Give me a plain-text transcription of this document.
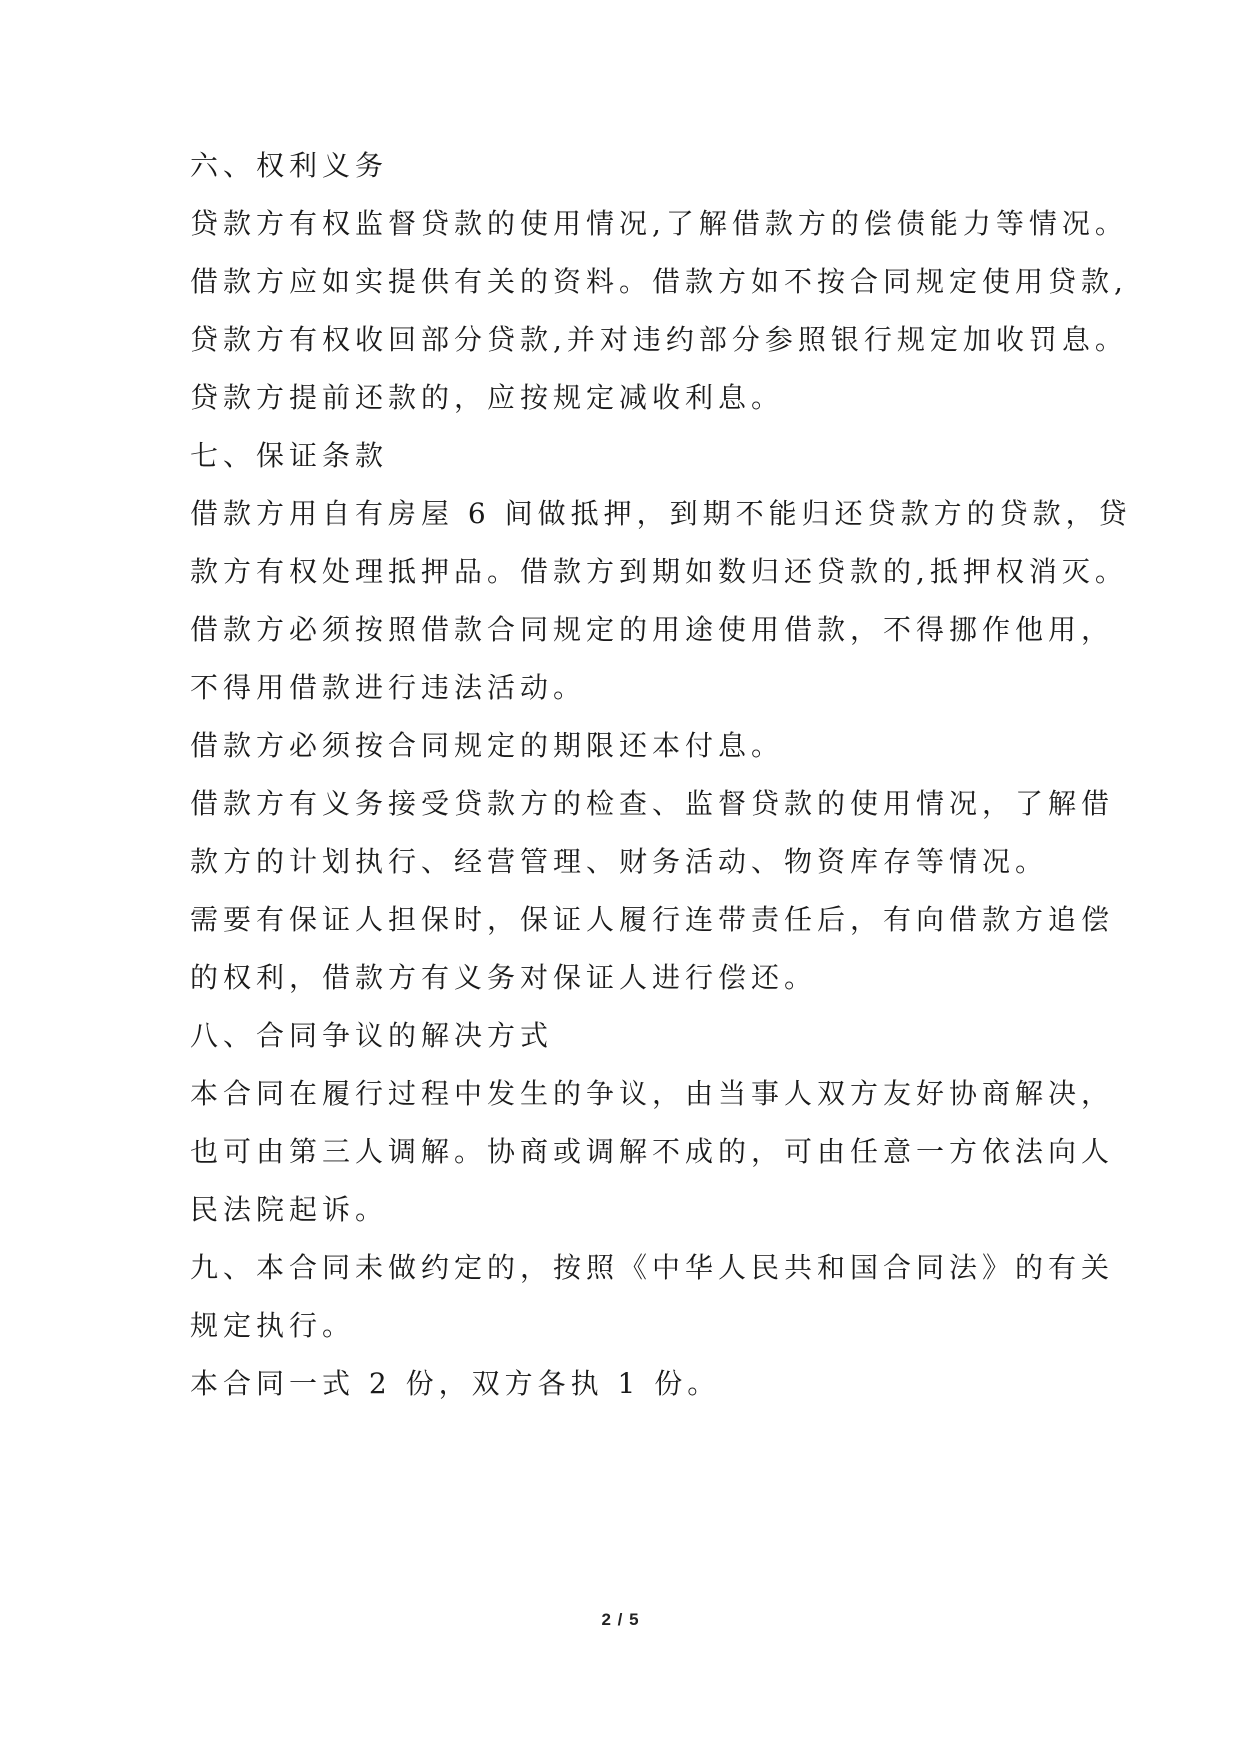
六、权利义务
贷款方有权监督贷款的使用情况,了解借款方的偿债能力等情况。
借款方应如实提供有关的资料。借款方如不按合同规定使用贷款,
贷款方有权收回部分贷款,并对违约部分参照银行规定加收罚息。
贷款方提前还款的，应按规定减收利息。
七、保证条款
借款方用自有房屋 6 间做抵押，到期不能归还贷款方的贷款，贷
款方有权处理抵押品。借款方到期如数归还贷款的,抵押权消灭。
借款方必须按照借款合同规定的用途使用借款，不得挪作他用，
不得用借款进行违法活动。
借款方必须按合同规定的期限还本付息。
借款方有义务接受贷款方的检查、监督贷款的使用情况，了解借
款方的计划执行、经营管理、财务活动、物资库存等情况。
需要有保证人担保时，保证人履行连带责任后，有向借款方追偿
的权利，借款方有义务对保证人进行偿还。
八、合同争议的解决方式
本合同在履行过程中发生的争议，由当事人双方友好协商解决，
也可由第三人调解。协商或调解不成的，可由任意一方依法向人
民法院起诉。
九、本合同未做约定的，按照《中华人民共和国合同法》的有关
规定执行。
本合同一式 2 份，双方各执 1 份。
2 / 5
